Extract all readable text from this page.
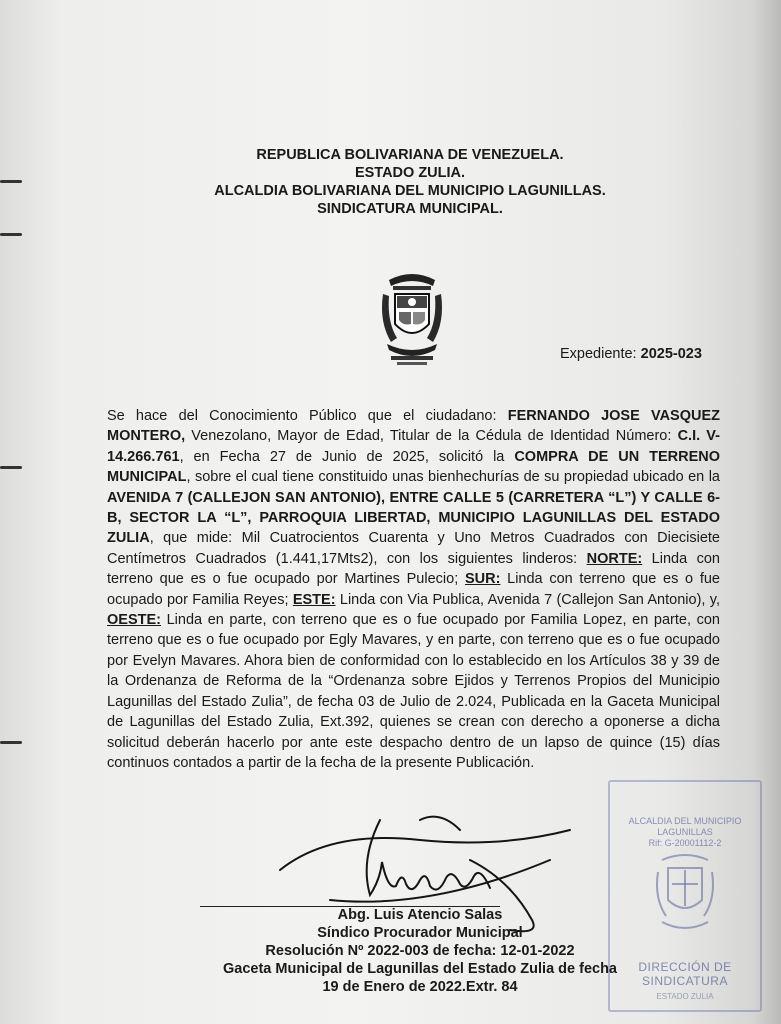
REPUBLICA BOLIVARIANA DE VENEZUELA.
ESTADO ZULIA.
ALCALDIA BOLIVARIANA DEL MUNICIPIO LAGUNILLAS.
SINDICATURA MUNICIPAL.
Expediente: 2025-023
Se hace del Conocimiento Público que el ciudadano: FERNANDO JOSE VASQUEZ MONTERO, Venezolano, Mayor de Edad, Titular de la Cédula de Identidad Número: C.I. V-14.266.761, en Fecha 27 de Junio de 2025, solicitó la COMPRA DE UN TERRENO MUNICIPAL, sobre el cual tiene constituido unas bienhechurías de su propiedad ubicado en la AVENIDA 7 (CALLEJON SAN ANTONIO), ENTRE CALLE 5 (CARRETERA “L”) Y CALLE 6-B, SECTOR LA “L”, PARROQUIA LIBERTAD, MUNICIPIO LAGUNILLAS DEL ESTADO ZULIA, que mide: Mil Cuatrocientos Cuarenta y Uno Metros Cuadrados con Diecisiete Centímetros Cuadrados (1.441,17Mts2), con los siguientes linderos: NORTE: Linda con terreno que es o fue ocupado por Martines Pulecio; SUR: Linda con terreno que es o fue ocupado por Familia Reyes; ESTE: Linda con Via Publica, Avenida 7 (Callejon San Antonio), y, OESTE: Linda en parte, con terreno que es o fue ocupado por Familia Lopez, en parte, con terreno que es o fue ocupado por Egly Mavares, y en parte, con terreno que es o fue ocupado por Evelyn Mavares. Ahora bien de conformidad con lo establecido en los Artículos 38 y 39 de la Ordenanza de Reforma de la “Ordenanza sobre Ejidos y Terrenos Propios del Municipio Lagunillas del Estado Zulia”, de fecha 03 de Julio de 2.024, Publicada en la Gaceta Municipal de Lagunillas del Estado Zulia, Ext.392, quienes se crean con derecho a oponerse a dicha solicitud deberán hacerlo por ante este despacho dentro de un lapso de quince (15) días continuos contados a partir de la fecha de la presente Publicación.
ALCALDIA DEL MUNICIPIO LAGUNILLAS
Rif: G-20001112-2
DIRECCIÓN DE
SINDICATURA
ESTADO ZULIA
Abg. Luis Atencio Salas
Síndico Procurador Municipal
Resolución Nº 2022-003 de fecha: 12-01-2022
Gaceta Municipal de Lagunillas del Estado Zulia de fecha
19 de Enero de 2022.Extr. 84
